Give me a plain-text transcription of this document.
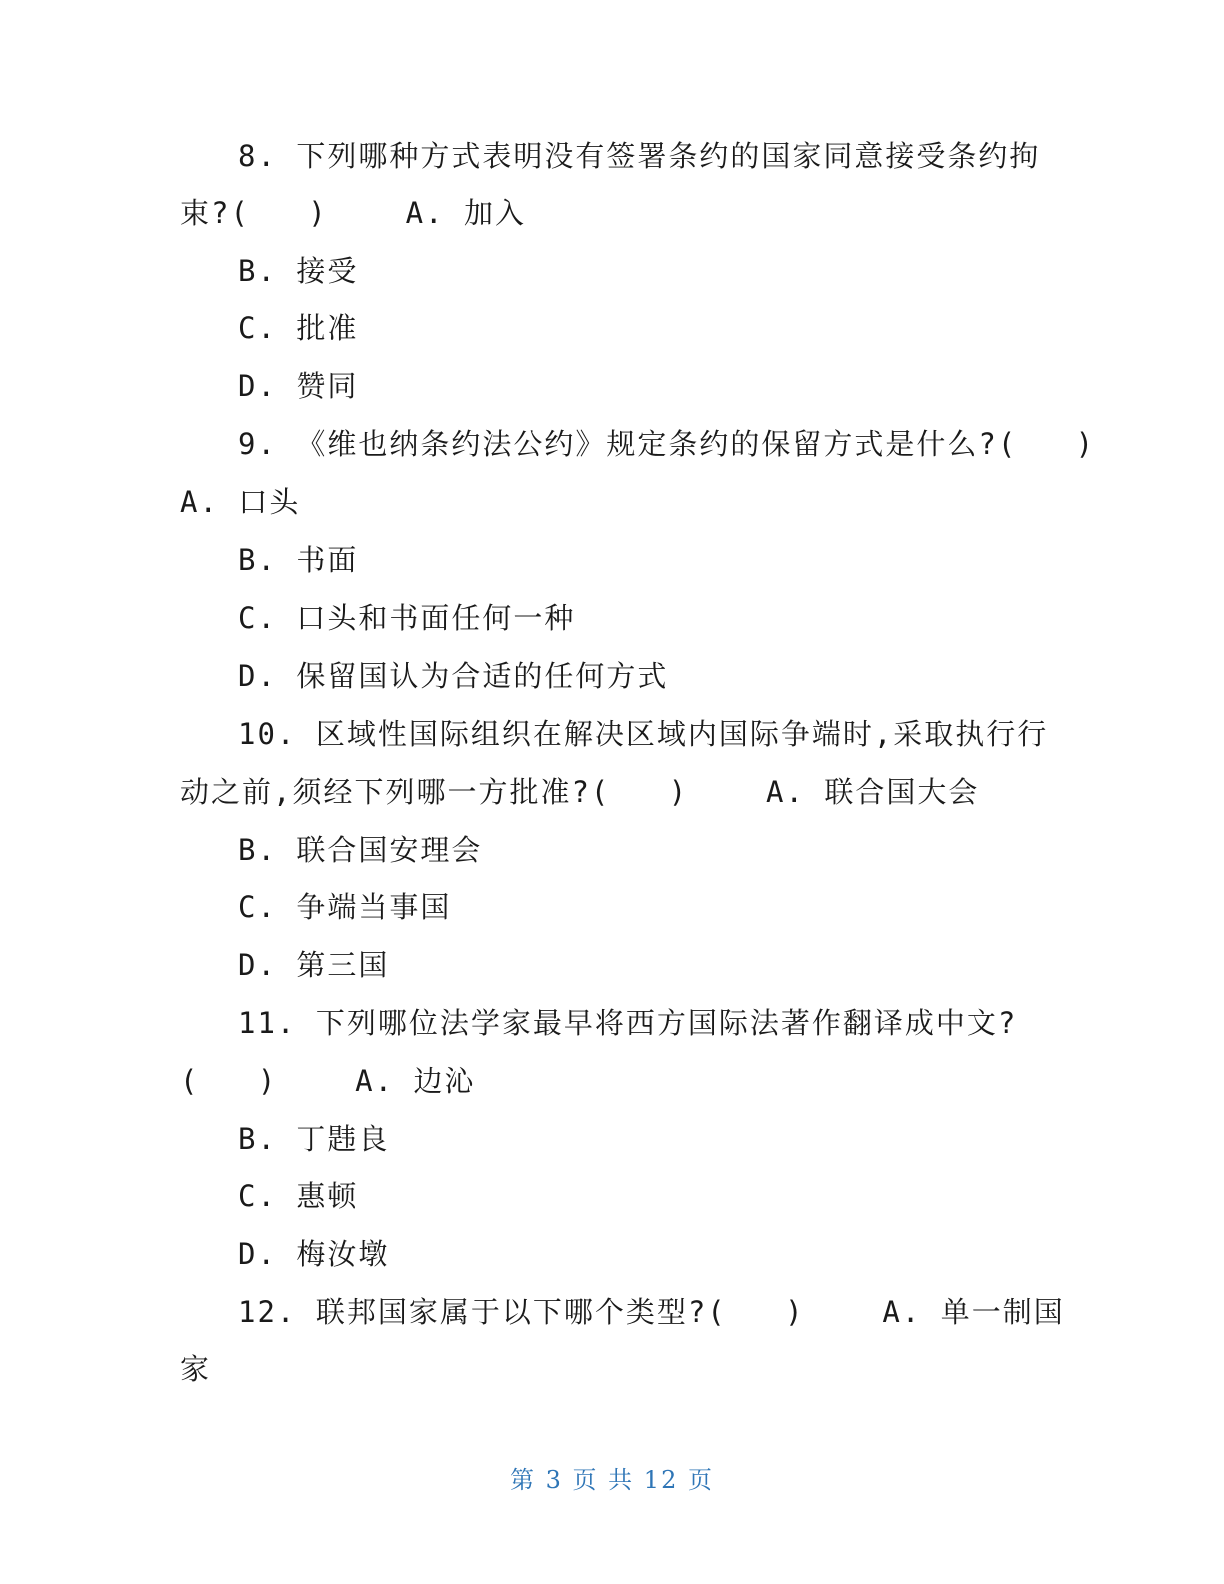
8. 下列哪种方式表明没有签署条约的国家同意接受条约拘
束?(   )    A. 加入
B. 接受
C. 批准
D. 赞同
9. 《维也纳条约法公约》规定条约的保留方式是什么?(   )
A. 口头
B. 书面
C. 口头和书面任何一种
D. 保留国认为合适的任何方式
10. 区域性国际组织在解决区域内国际争端时,采取执行行
动之前,须经下列哪一方批准?(   )    A. 联合国大会
B. 联合国安理会
C. 争端当事国
D. 第三国
11. 下列哪位法学家最早将西方国际法著作翻译成中文?
(   )    A. 边沁
B. 丁韪良
C. 惠顿
D. 梅汝墩
12. 联邦国家属于以下哪个类型?(   )    A. 单一制国
家
第 3 页 共 12 页
